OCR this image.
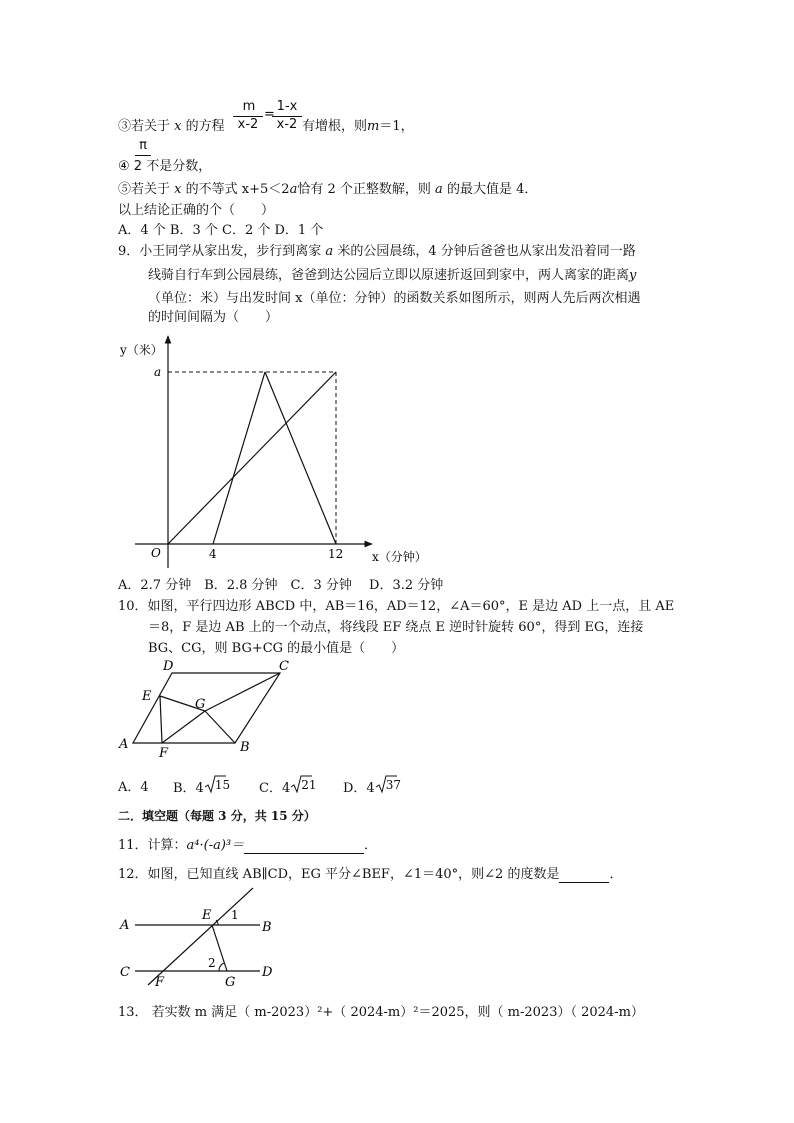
m
x-2
=
1-x
x-2
③若关于 x 的方程	有增根，则m＝1，
π
④ 2 不是分数，
⑤若关于 x 的不等式 x+5＜2a恰有 2 个正整数解，则 a 的最大值是 4．
以上结论正确的个（　　）
A．4 个 B．3 个 C．2 个 D．1 个
9．小王同学从家出发，步行到离家 a 米的公园晨练，4 分钟后爸爸也从家出发沿着同一路
线骑自行车到公园晨练，爸爸到达公园后立即以原速折返回到家中，两人离家的距离y
（单位：米）与出发时间 x（单位：分钟）的函数关系如图所示，则两人先后两次相遇
的时间间隔为（　　）
y（米）
a
O	4	12 x（分钟）
A．2.7 分钟　B．2.8 分钟　C．3 分钟　 D．3.2 分钟
10．如图，平行四边形 ABCD 中，AB＝16，AD＝12，∠A＝60°，E 是边 AD 上一点，且 AE
＝8，F 是边 AB 上的一个动点，将线段 EF 绕点 E 逆时针旋转 60°，得到 EG，连接
BG、CG，则 BG+CG 的最小值是（　　）
D	C
E
G
A
F	B
A．4 B．4 15 C．4 21 D．4 37
二．填空题（每题 3 分，共 15 分）
11．计算：a⁴·(-a)³＝	．
12．如图，已知直线 AB∥CD，EG 平分∠BEF，∠1＝40°，则∠2 的度数是	．
A
E 1
B
2
C
F	G
D
13． 若实数 m 满足（ m-2023）²+（ 2024-m）²＝2025，则（ m-2023）（ 2024-m）
